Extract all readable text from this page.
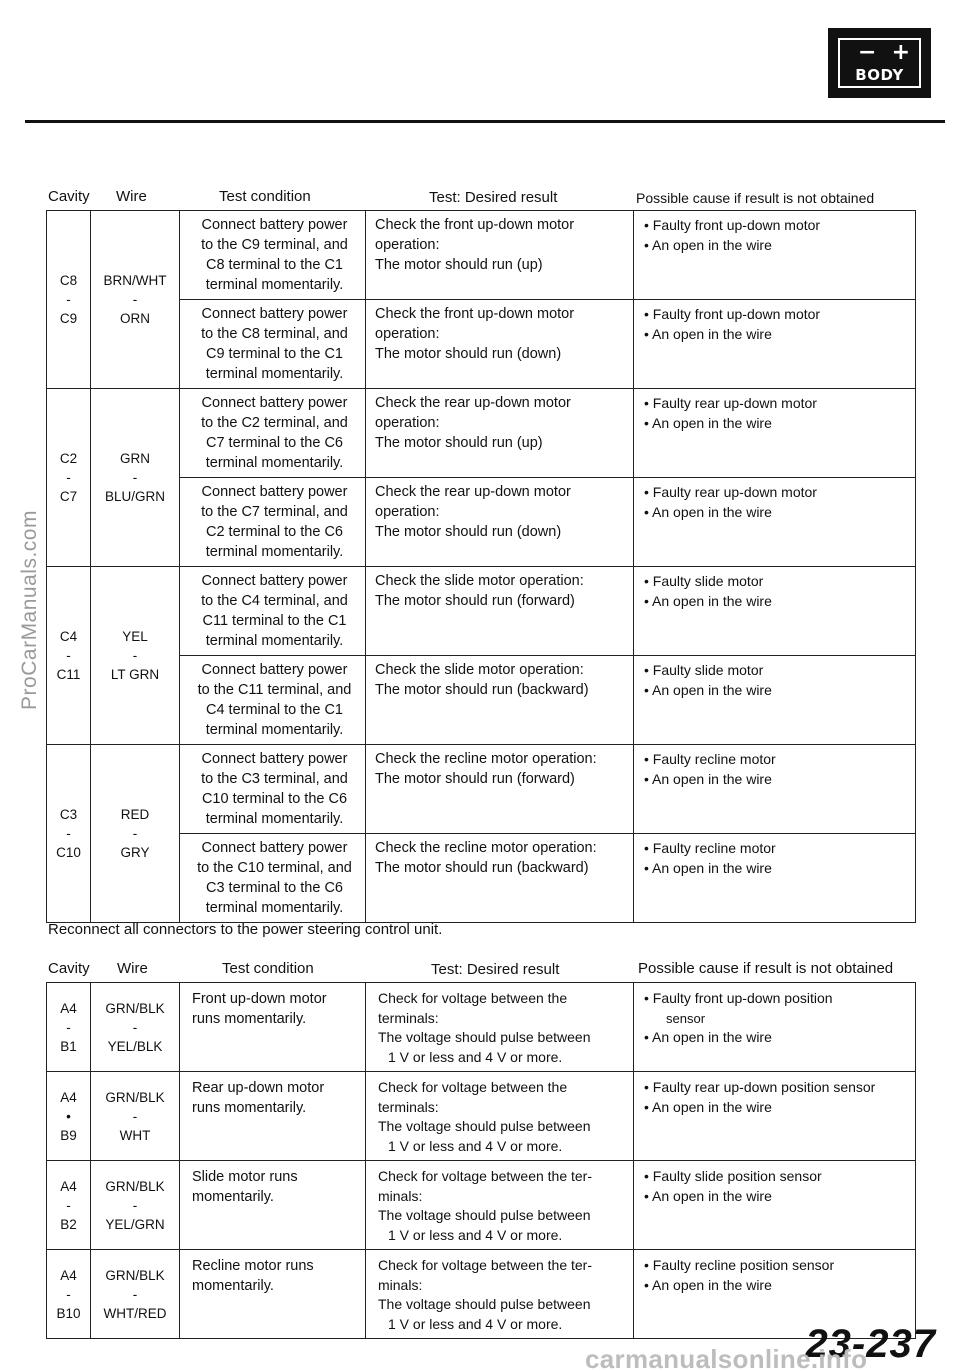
− +
BODY
Cavity Wire	Test condition	Test: Desired result	Possible cause if result is not obtained
C8
-
C9	BRN/WHT
-
ORN	Connect battery power
to the C9 terminal, and
C8 terminal to the C1
terminal momentarily.	Check the front up-down motor
operation:
The motor should run (up)	• Faulty front up-down motor
• An open in the wire

		Connect battery power
to the C8 terminal, and
C9 terminal to the C1
terminal momentarily.	Check the front up-down motor
operation:
The motor should run (down)	• Faulty front up-down motor
• An open in the wire

C2
-
C7	GRN
-
BLU/GRN	Connect battery power
to the C2 terminal, and
C7 terminal to the C6
terminal momentarily.	Check the rear up-down motor
operation:
The motor should run (up)	• Faulty rear up-down motor
• An open in the wire

		Connect battery power
to the C7 terminal, and
C2 terminal to the C6
terminal momentarily.	Check the rear up-down motor
operation:
The motor should run (down)	• Faulty rear up-down motor
• An open in the wire

C4
-
C11	YEL
-
LT GRN	Connect battery power
to the C4 terminal, and
C11 terminal to the C1
terminal momentarily.	Check the slide motor operation:
The motor should run (forward)	• Faulty slide motor
• An open in the wire

		Connect battery power
to the C11 terminal, and
C4 terminal to the C1
terminal momentarily.	Check the slide motor operation:
The motor should run (backward)	• Faulty slide motor
• An open in the wire

C3
-
C10	RED
-
GRY	Connect battery power
to the C3 terminal, and
C10 terminal to the C6
terminal momentarily.	Check the recline motor operation:
The motor should run (forward)	• Faulty recline motor
• An open in the wire

		Connect battery power
to the C10 terminal, and
C3 terminal to the C6
terminal momentarily.	Check the recline motor operation:
The motor should run (backward)	• Faulty recline motor
• An open in the wire
Reconnect all connectors to the power steering control unit.
Cavity Wire	Test condition	Test: Desired result	Possible cause if result is not obtained
A4
-
B1	GRN/BLK
-
YEL/BLK	Front up-down motor
runs momentarily.	Check for voltage between the
terminals:
The voltage should pulse between
1 V or less and 4 V or more.	• Faulty front up-down position
sensor
• An open in the wire

A4
•
B9	GRN/BLK
-
WHT	Rear up-down motor
runs momentarily.	Check for voltage between the
terminals:
The voltage should pulse between
1 V or less and 4 V or more.	• Faulty rear up-down position sensor
• An open in the wire

A4
-
B2	GRN/BLK
-
YEL/GRN	Slide motor runs
momentarily.	Check for voltage between the ter-
minals:
The voltage should pulse between
1 V or less and 4 V or more.	• Faulty slide position sensor
• An open in the wire

A4
-
B10	GRN/BLK
-
WHT/RED	Recline motor runs
momentarily.	Check for voltage between the ter-
minals:
The voltage should pulse between
1 V or less and 4 V or more.	• Faulty recline position sensor
• An open in the wire
ProCarManuals.com
23-237
carmanualsonline.info
